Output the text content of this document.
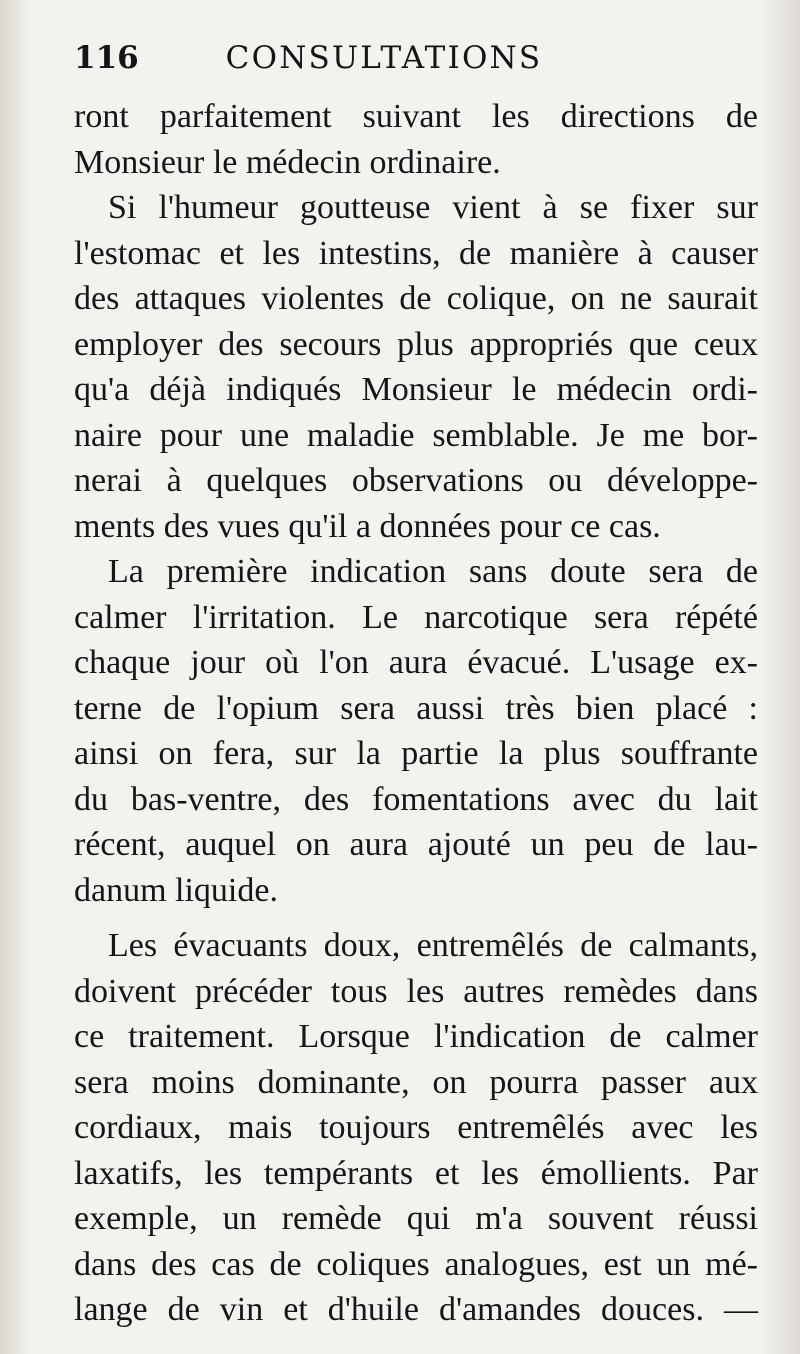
116	CONSULTATIONS
ront parfaitement suivant les directions de
Monsieur le médecin ordinaire.
Si l'humeur goutteuse vient à se fixer sur
l'estomac et les intestins, de manière à causer
des attaques violentes de colique, on ne saurait
employer des secours plus appropriés que ceux
qu'a déjà indiqués Monsieur le médecin ordi-
naire pour une maladie semblable. Je me bor-
nerai à quelques observations ou développe-
ments des vues qu'il a données pour ce cas.
La première indication sans doute sera de
calmer l'irritation. Le narcotique sera répété
chaque jour où l'on aura évacué. L'usage ex-
terne de l'opium sera aussi très bien placé :
ainsi on fera, sur la partie la plus souffrante
du bas-ventre, des fomentations avec du lait
récent, auquel on aura ajouté un peu de lau-
danum liquide.
Les évacuants doux, entremêlés de calmants,
doivent précéder tous les autres remèdes dans
ce traitement. Lorsque l'indication de calmer
sera moins dominante, on pourra passer aux
cordiaux, mais toujours entremêlés avec les
laxatifs, les tempérants et les émollients. Par
exemple, un remède qui m'a souvent réussi
dans des cas de coliques analogues, est un mé-
lange de vin et d'huile d'amandes douces. —
